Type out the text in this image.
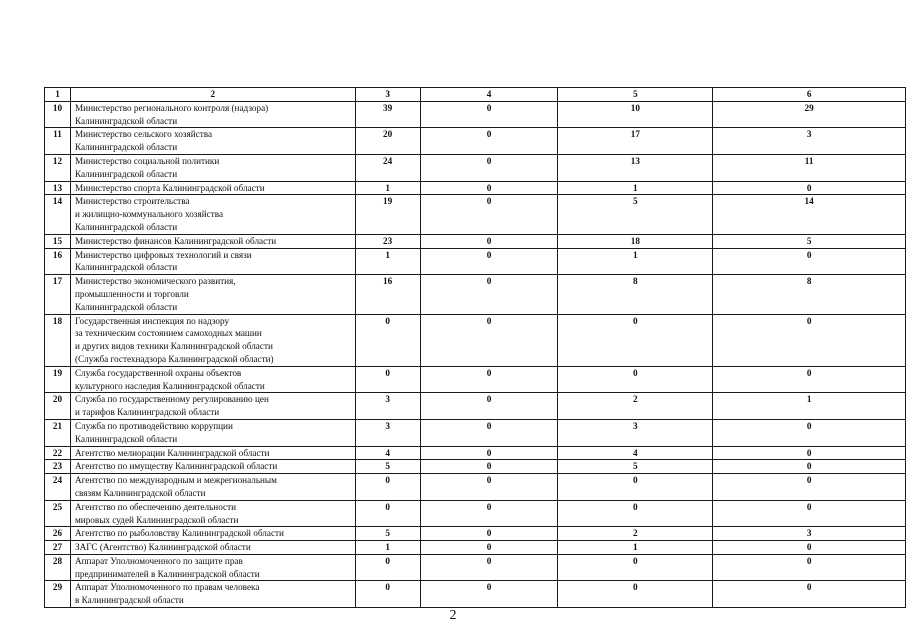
1	2	3	4	5	6
10	Министерство регионального контроля (надзора)
Калининградской области	39	0	10	29
11	Министерство сельского хозяйства
Калининградской области	20	0	17	3
12	Министерство социальной политики
Калининградской области	24	0	13	11
13	Министерство спорта Калининградской области	1	0	1	0
14	Министерство строительства
и жилищно-коммунального хозяйства
Калининградской области	19	0	5	14
15	Министерство финансов Калининградской области	23	0	18	5
16	Министерство цифровых технологий и связи
Калининградской области	1	0	1	0
17	Министерство экономического развития,
промышленности и торговли
Калининградской области	16	0	8	8
18	Государственная инспекция по надзору
за техническим состоянием самоходных машин
и других видов техники Калининградской области
(Служба гостехнадзора Калининградской области)	0	0	0	0
19	Служба государственной охраны объектов
культурного наследия Калининградской области	0	0	0	0
20	Служба по государственному регулированию цен
и тарифов Калининградской области	3	0	2	1
21	Служба по противодействию коррупции
Калининградской области	3	0	3	0
22	Агентство мелиорации Калининградской области	4	0	4	0
23	Агентство по имуществу Калининградской области	5	0	5	0
24	Агентство по международным и межрегиональным
связям Калининградской области	0	0	0	0
25	Агентство по обеспечению деятельности
мировых судей Калининградской области	0	0	0	0
26	Агентство по рыболовству Калининградской области	5	0	2	3
27	ЗАГС (Агентство) Калининградской области	1	0	1	0
28	Аппарат Уполномоченного по защите прав
предпринимателей в Калининградской области	0	0	0	0
29	Аппарат Уполномоченного по правам человека
в Калининградской области	0	0	0	0
2
